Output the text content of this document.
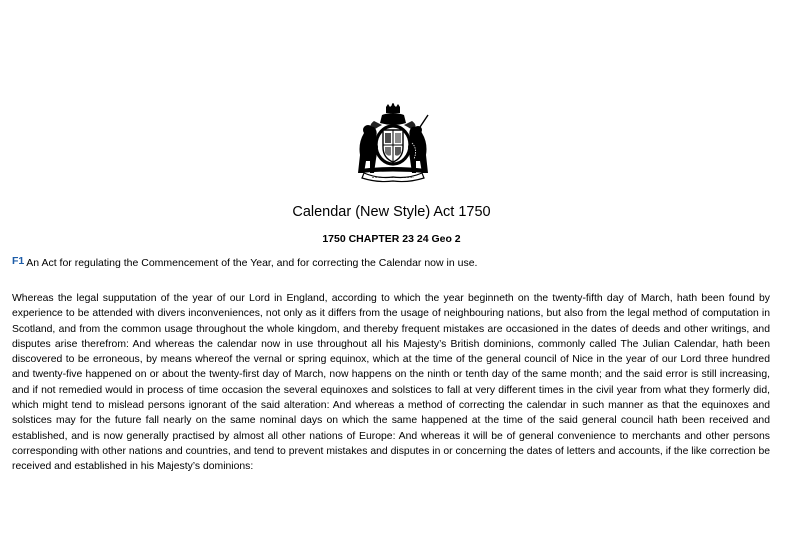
Calendar (New Style) Act 1750
1750 CHAPTER 23 24 Geo 2
F1 An Act for regulating the Commencement of the Year, and for correcting the Calendar now in use.
Whereas the legal supputation of the year of our Lord in England, according to which the year beginneth on the twenty-fifth day of March, hath been found by experience to be attended with divers inconveniences, not only as it differs from the usage of neighbouring nations, but also from the legal method of computation in Scotland, and from the common usage throughout the whole kingdom, and thereby frequent mistakes are occasioned in the dates of deeds and other writings, and disputes arise therefrom: And whereas the calendar now in use throughout all his Majesty’s British dominions, commonly called The Julian Calendar, hath been discovered to be erroneous, by means whereof the vernal or spring equinox, which at the time of the general council of Nice in the year of our Lord three hundred and twenty-five happened on or about the twenty-first day of March, now happens on the ninth or tenth day of the same month; and the said error is still increasing, and if not remedied would in process of time occasion the several equinoxes and solstices to fall at very different times in the civil year from what they formerly did, which might tend to mislead persons ignorant of the said alteration: And whereas a method of correcting the calendar in such manner as that the equinoxes and solstices may for the future fall nearly on the same nominal days on which the same happened at the time of the said general council hath been received and established, and is now generally practised by almost all other nations of Europe: And whereas it will be of general convenience to merchants and other persons corresponding with other nations and countries, and tend to prevent mistakes and disputes in or concerning the dates of letters and accounts, if the like correction be received and established in his Majesty’s dominions:
